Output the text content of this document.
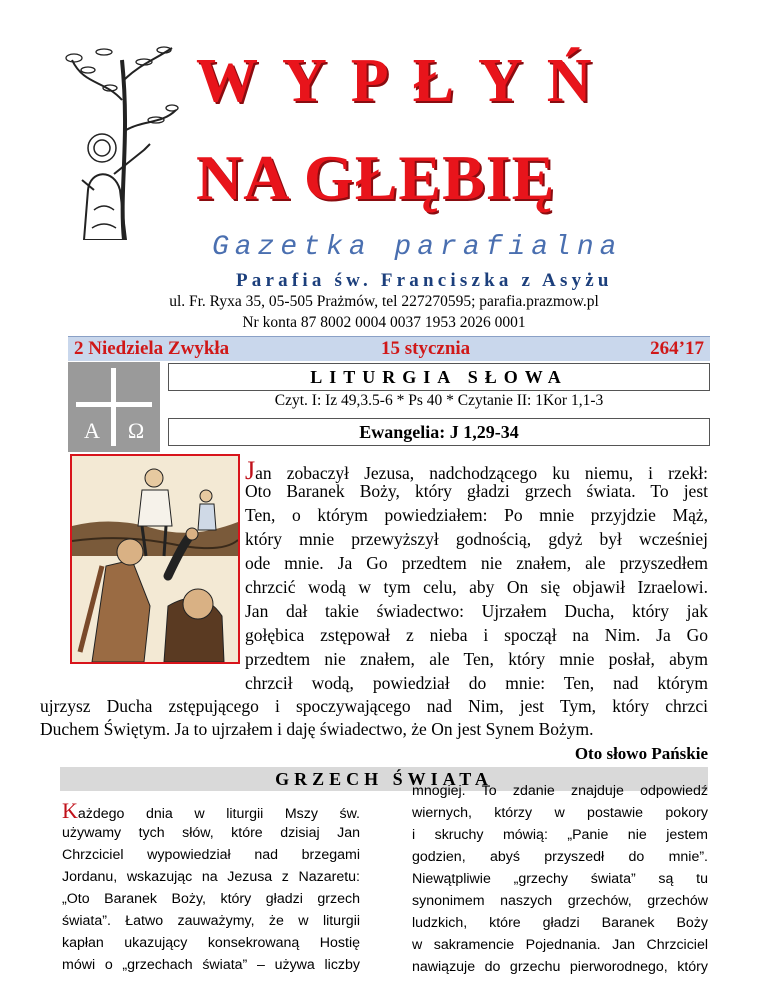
WYPŁYŃ
NA GŁĘBIĘ
Gazetka parafialna
Parafia św. Franciszka z Asyżu
ul. Fr. Ryxa 35, 05-505 Prażmów, tel 227270595; parafia.prazmow.pl
Nr konta 87 8002 0004 0037 1953 2026 0001
2 Niedziela Zwykła	15 stycznia	264’17
A Ω
LITURGIA SŁOWA
Czyt. I: Iz 49,3.5-6 * Ps 40 * Czytanie II: 1Kor 1,1-3
Ewangelia: J 1,29-34
Jan zobaczył Jezusa, nadchodzącego ku niemu, i rzekł:
Oto Baranek Boży, który gładzi grzech świata. To jest
Ten, o którym powiedziałem: Po mnie przyjdzie Mąż,
który mnie przewyższył godnością, gdyż był wcześniej
ode mnie. Ja Go przedtem nie znałem, ale przyszedłem
chrzcić wodą w tym celu, aby On się objawił Izraelowi.
Jan dał takie świadectwo: Ujrzałem Ducha, który jak
gołębica zstępował z nieba i spoczął na Nim. Ja Go
przedtem nie znałem, ale Ten, który mnie posłał, abym
chrzcił wodą, powiedział do mnie: Ten, nad którym
ujrzysz Ducha zstępującego i spoczywającego nad Nim, jest Tym, który chrzci
Duchem Świętym. Ja to ujrzałem i daję świadectwo, że On jest Synem Bożym.
Oto słowo Pańskie
GRZECH ŚWIATA
Każdego dnia w liturgii Mszy św.
używamy tych słów, które dzisiaj Jan
Chrzciciel wypowiedział nad brzegami
Jordanu, wskazując na Jezusa z Nazaretu:
„Oto Baranek Boży, który gładzi grzech
świata”. Łatwo zauważymy, że w liturgii
kapłan ukazujący konsekrowaną Hostię
mówi o „grzechach świata” – używa liczby
mnogiej. To zdanie znajduje odpowiedź
wiernych, którzy w postawie pokory
i skruchy mówią: „Panie nie jestem
godzien, abyś przyszedł do mnie”.
Niewątpliwie „grzechy świata” są tu
synonimem naszych grzechów, grzechów
ludzkich, które gładzi Baranek Boży
w sakramencie Pojednania. Jan Chrzciciel
nawiązuje do grzechu pierworodnego, który
